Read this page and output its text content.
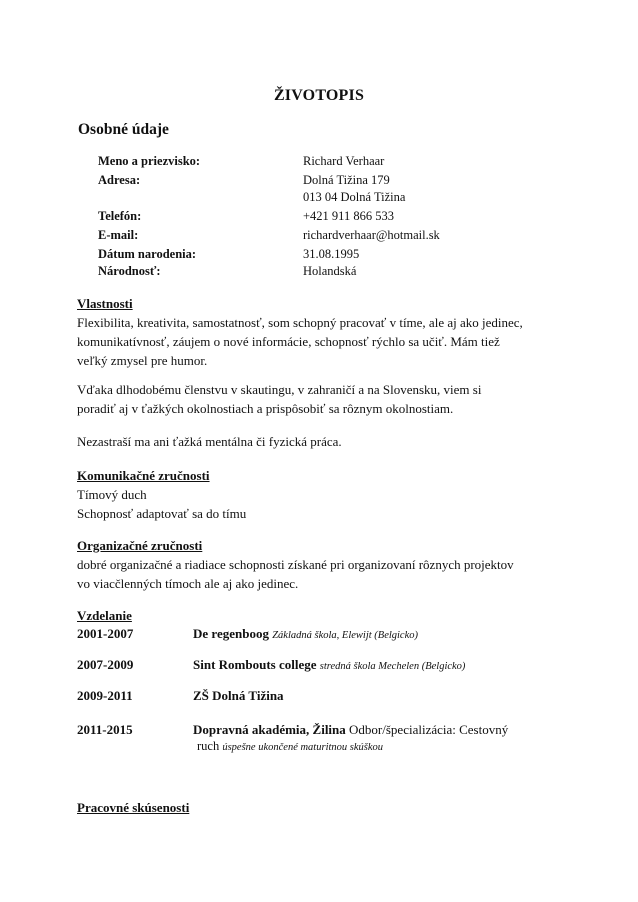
ŽIVOTOPIS
Osobné údaje
Meno a priezvisko:	Richard Verhaar
Adresa:	Dolná Tižina 179
013 04 Dolná Tižina
Telefón:	+421 911 866 533
E-mail:	richardverhaar@hotmail.sk
Dátum narodenia:	31.08.1995
Národnosť:	Holandská
Vlastnosti
Flexibilita, kreativita, samostatnosť, som schopný pracovať v tíme, ale aj ako jedinec,
komunikatívnosť, záujem o nové informácie, schopnosť rýchlo sa učiť. Mám tiež
veľký zmysel pre humor.
Vďaka dlhodobému členstvu v skautingu, v zahraničí a na Slovensku, viem si
poradiť aj v ťažkých okolnostiach a prispôsobiť sa rôznym okolnostiam.
Nezastraší ma ani ťažká mentálna či fyzická práca.
Komunikačné zručnosti
Tímový duch
Schopnosť adaptovať sa do tímu
Organizačné zručnosti
dobré organizačné a riadiace schopnosti získané pri organizovaní rôznych projektov
vo viacčlenných tímoch ale aj ako jedinec.
Vzdelanie
2001-2007	De regenboog Základná škola, Elewijt (Belgicko)
2007-2009	Sint Rombouts college stredná škola Mechelen (Belgicko)
2009-2011	ZŠ Dolná Tižina
2011-2015	Dopravná akadémia, Žilina Odbor/špecializácia: Cestovný
ruch úspešne ukončené maturitnou skúškou
Pracovné skúsenosti
